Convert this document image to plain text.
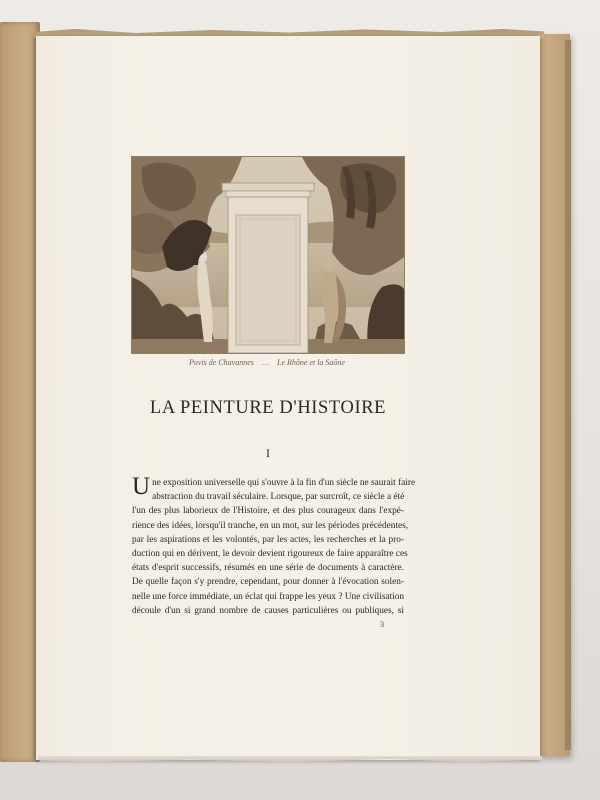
Puvis de Chavannes … Le Rhône et la Saône
LA PEINTURE D'HISTOIRE
I
U ne exposition universelle qui s'ouvre à la fin d'un siècle ne saurait faire
abstraction du travail séculaire. Lorsque, par surcroît, ce siècle a été
l'un des plus laborieux de l'Histoire, et des plus courageux dans l'expé-
rience des idées, lorsqu'il tranche, en un mot, sur les périodes précédentes,
par les aspirations et les volontés, par les actes, les recherches et la pro-
duction qui en dérivent, le devoir devient rigoureux de faire apparaître ces
états d'esprit successifs, résumés en une série de documents à caractère.
De quelle façon s'y prendre, cependant, pour donner à l'évocation solen-
nelle une force immédiate, un éclat qui frappe les yeux ? Une civilisation
découle d'un si grand nombre de causes particulières ou publiques, si
3
